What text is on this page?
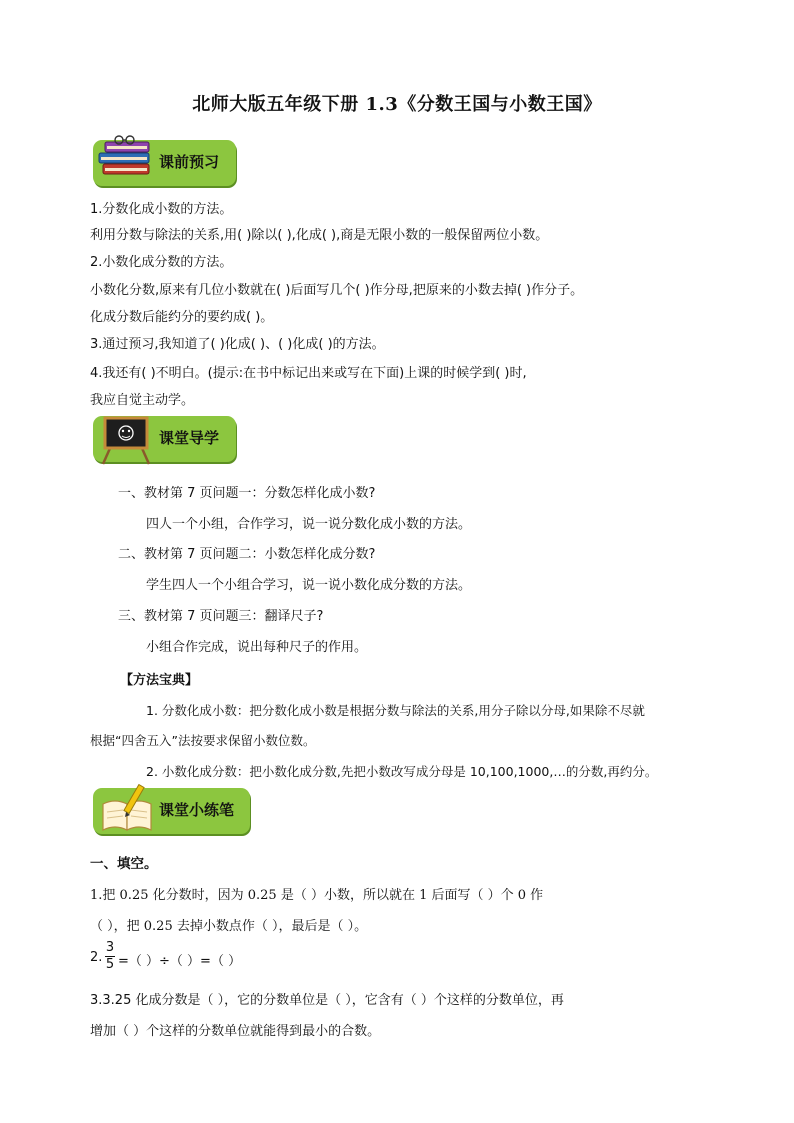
北师大版五年级下册 1.3《分数王国与小数王国》
课前预习
1.分数化成小数的方法。
利用分数与除法的关系,用( )除以( ),化成( ),商是无限小数的一般保留两位小数。
2.小数化成分数的方法。
小数化分数,原来有几位小数就在( )后面写几个( )作分母,把原来的小数去掉( )作分子。
化成分数后能约分的要约成( )。
3.通过预习,我知道了( )化成( )、( )化成( )的方法。
4.我还有( )不明白。(提示:在书中标记出来或写在下面)上课的时候学到( )时,
我应自觉主动学。
课堂导学
一、教材第 7 页问题一：分数怎样化成小数?
四人一个小组，合作学习，说一说分数化成小数的方法。
二、教材第 7 页问题二：小数怎样化成分数?
学生四人一个小组合学习，说一说小数化成分数的方法。
三、教材第 7 页问题三：翻译尺子?
小组合作完成，说出每种尺子的作用。
【方法宝典】
1. 分数化成小数：把分数化成小数是根据分数与除法的关系,用分子除以分母,如果除不尽就
根据“四舍五入”法按要求保留小数位数。
2. 小数化成分数：把小数化成分数,先把小数改写成分母是 10,100,1000,…的分数,再约分。
课堂小练笔
一、填空。
1.把 0.25 化分数时，因为 0.25 是（ ）小数，所以就在 1 后面写（ ）个 0 作
（ ），把 0.25 去掉小数点作（ ），最后是（ ）。
2.
3
5 =（ ）÷（ ）=（ ）
3.3.25 化成分数是（ ），它的分数单位是（ ），它含有（ ）个这样的分数单位，再
增加（ ）个这样的分数单位就能得到最小的合数。
